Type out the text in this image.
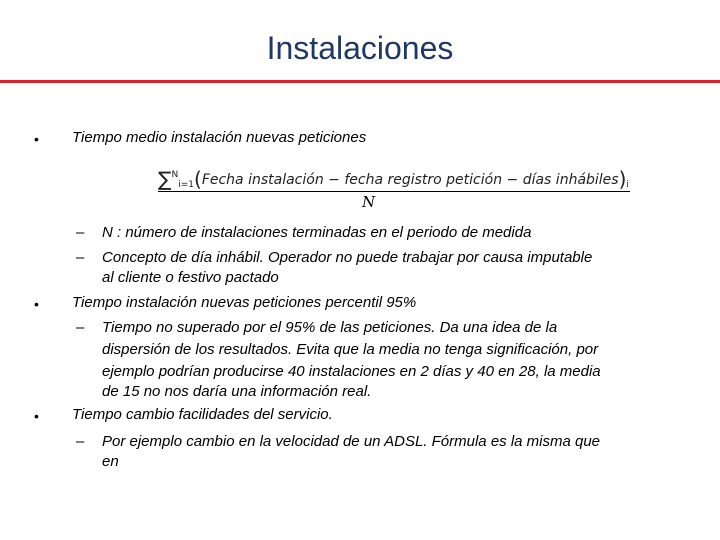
Instalaciones
• Tiempo medio instalación nuevas peticiones
∑$^N_{i=1}$(Fecha instalación − fecha registro petición − días $inhábiles)_i$
N
– N : número de instalaciones terminadas en el periodo de medida
– Concepto de día inhábil. Operador no puede trabajar por causa imputable
al cliente o festivo pactado
• Tiempo instalación nuevas peticiones percentil 95%
– Tiempo no superado por el 95% de las peticiones. Da una idea de la
dispersión de los resultados. Evita que la media no tenga significación, por
ejemplo podrían producirse 40 instalaciones en 2 días y 40 en 28, la media
de 15 no nos daría una información real.
• Tiempo cambio facilidades del servicio.
– Por ejemplo cambio en la velocidad de un ADSL. Fórmula es la misma que
en
